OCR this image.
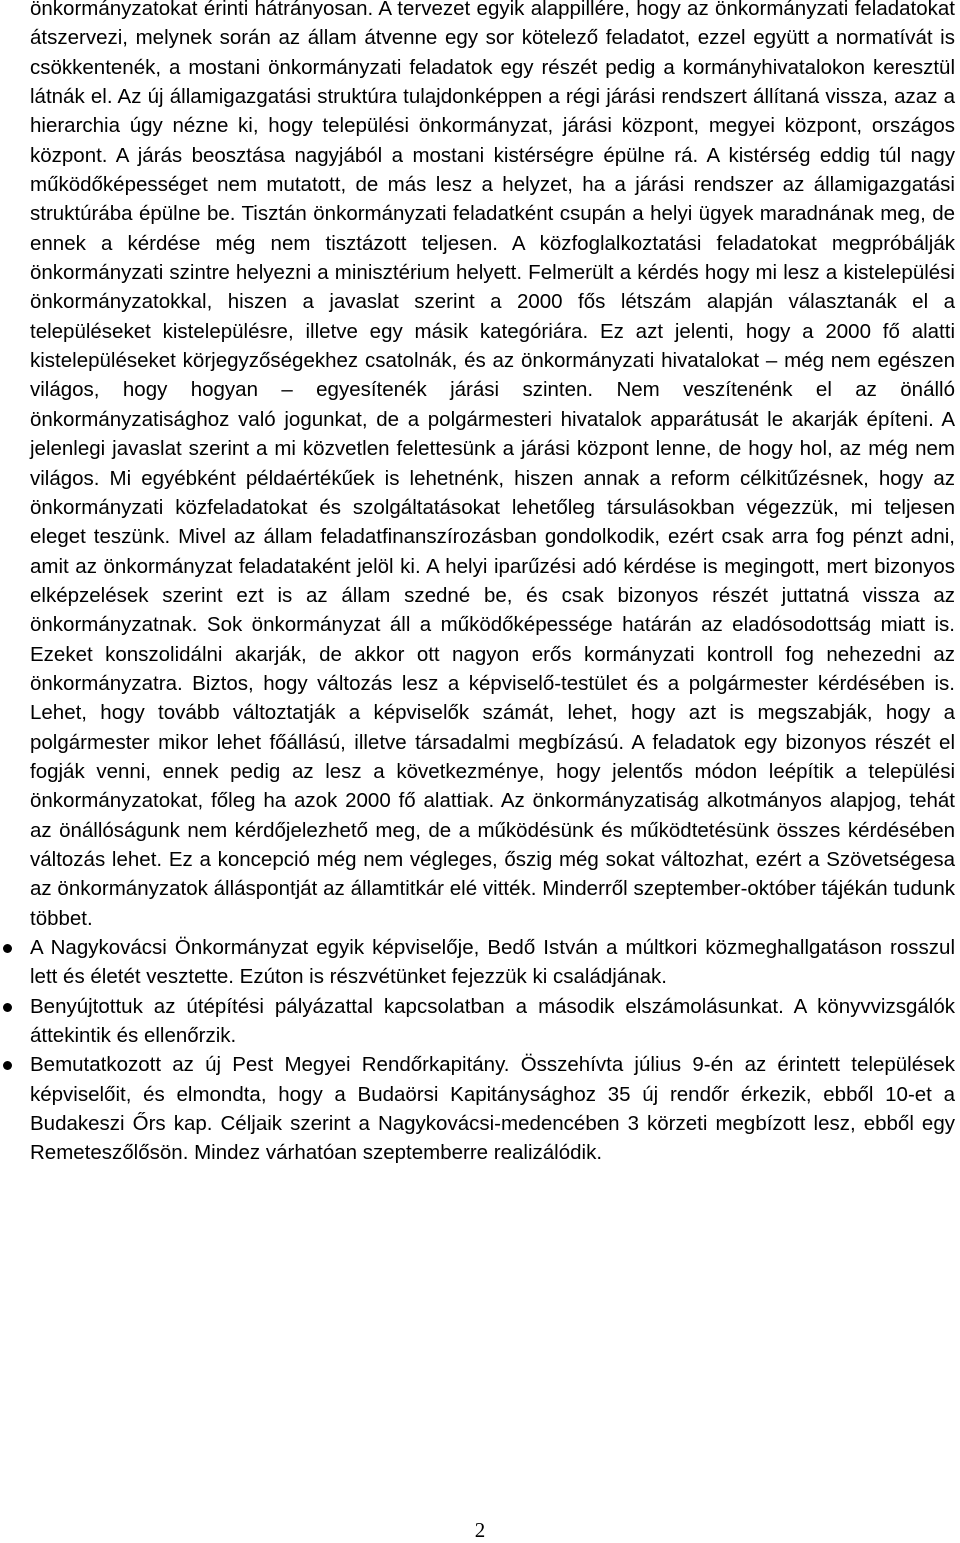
önkormányzatokat érinti hátrányosan. A tervezet egyik alappillére, hogy az önkormányzati feladatokat átszervezi, melynek során az állam átvenne egy sor kötelező feladatot, ezzel együtt a normatívát is csökkentenék, a mostani önkormányzati feladatok egy részét pedig a kormányhivatalokon keresztül látnák el. Az új államigazgatási struktúra tulajdonképpen a régi járási rendszert állítaná vissza, azaz a hierarchia úgy nézne ki, hogy települési önkormányzat, járási központ, megyei központ, országos központ. A járás beosztása nagyjából a mostani kistérségre épülne rá. A kistérség eddig túl nagy működőképességet nem mutatott, de más lesz a helyzet, ha a járási rendszer az államigazgatási struktúrába épülne be. Tisztán önkormányzati feladatként csupán a helyi ügyek maradnának meg, de ennek a kérdése még nem tisztázott teljesen. A közfoglalkoztatási feladatokat megpróbálják önkormányzati szintre helyezni a minisztérium helyett. Felmerült a kérdés hogy mi lesz a kistelepülési önkormányzatokkal, hiszen a javaslat szerint a 2000 fős létszám alapján választanák el a településeket kistelepülésre, illetve egy másik kategóriára. Ez azt jelenti, hogy a 2000 fő alatti kistelepüléseket körjegyzőségekhez csatolnák, és az önkormányzati hivatalokat – még nem egészen világos, hogy hogyan – egyesítenék járási szinten. Nem veszítenénk el az önálló önkormányzatisághoz való jogunkat, de a polgármesteri hivatalok apparátusát le akarják építeni. A jelenlegi javaslat szerint a mi közvetlen felettesünk a járási központ lenne, de hogy hol, az még nem világos. Mi egyébként példaértékűek is lehetnénk, hiszen annak a reform célkitűzésnek, hogy az önkormányzati közfeladatokat és szolgáltatásokat lehetőleg társulásokban végezzük, mi teljesen eleget teszünk. Mivel az állam feladatfinanszírozásban gondolkodik, ezért csak arra fog pénzt adni, amit az önkormányzat feladataként jelöl ki. A helyi iparűzési adó kérdése is megingott, mert bizonyos elképzelések szerint ezt is az állam szedné be, és csak bizonyos részét juttatná vissza az önkormányzatnak. Sok önkormányzat áll a működőképessége határán az eladósodottság miatt is. Ezeket konszolidálni akarják, de akkor ott nagyon erős kormányzati kontroll fog nehezedni az önkormányzatra. Biztos, hogy változás lesz a képviselő-testület és a polgármester kérdésében is. Lehet, hogy tovább változtatják a képviselők számát, lehet, hogy azt is megszabják, hogy a polgármester mikor lehet főállású, illetve társadalmi megbízású. A feladatok egy bizonyos részét el fogják venni, ennek pedig az lesz a következménye, hogy jelentős módon leépítik a települési önkormányzatokat, főleg ha azok 2000 fő alattiak. Az önkormányzatiság alkotmányos alapjog, tehát az önállóságunk nem kérdőjelezhető meg, de a működésünk és működtetésünk összes kérdésében változás lehet. Ez a koncepció még nem végleges, őszig még sokat változhat, ezért a Szövetségesa az önkormányzatok álláspontját az államtitkár elé vitték. Minderről szeptember-október tájékán tudunk többet.

A Nagykovácsi Önkormányzat egyik képviselője, Bedő István a múltkori közmeghallgatáson rosszul lett és életét vesztette. Ezúton is részvétünket fejezzük ki családjának.
Benyújtottuk az útépítési pályázattal kapcsolatban a második elszámolásunkat. A könyvvizsgálók áttekintik és ellenőrzik.
Bemutatkozott az új Pest Megyei Rendőrkapitány. Összehívta július 9-én az érintett települések képviselőit, és elmondta, hogy a Budaörsi Kapitánysághoz 35 új rendőr érkezik, ebből 10-et a Budakeszi Őrs kap. Céljaik szerint a Nagykovácsi-medencében 3 körzeti megbízott lesz, ebből egy Remeteszőlősön. Mindez várhatóan szeptemberre realizálódik.
2
